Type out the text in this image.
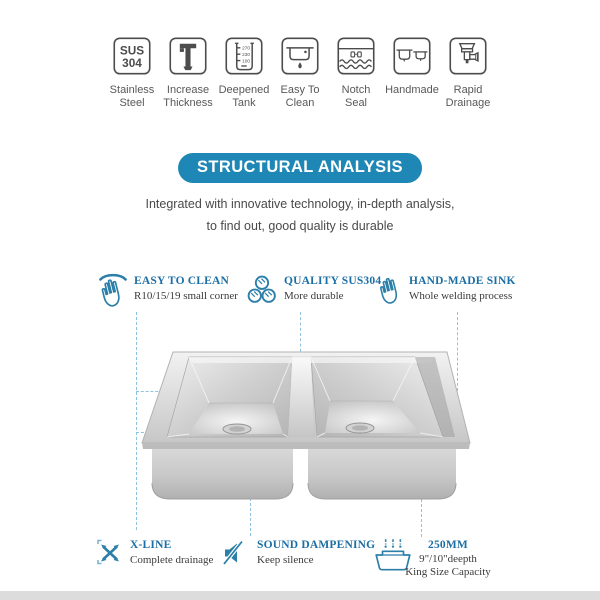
SUS
304
Stainless Steel
Increase Thickness
270
230
100
Deepened Tank
Easy To Clean
Notch Seal
Handmade	Rapid Drainage
STRUCTURAL ANALYSIS
Integrated with innovative technology, in-depth analysis,
to find out, good quality is durable
EASY TO CLEAN
R10/15/19 small corner
QUALITY SUS304
More durable
HAND-MADE SINK
Whole welding process
X-LINE
Complete drainage
SOUND DAMPENING
Keep silence
250MM
9"/10"deepth
King Size Capacity
